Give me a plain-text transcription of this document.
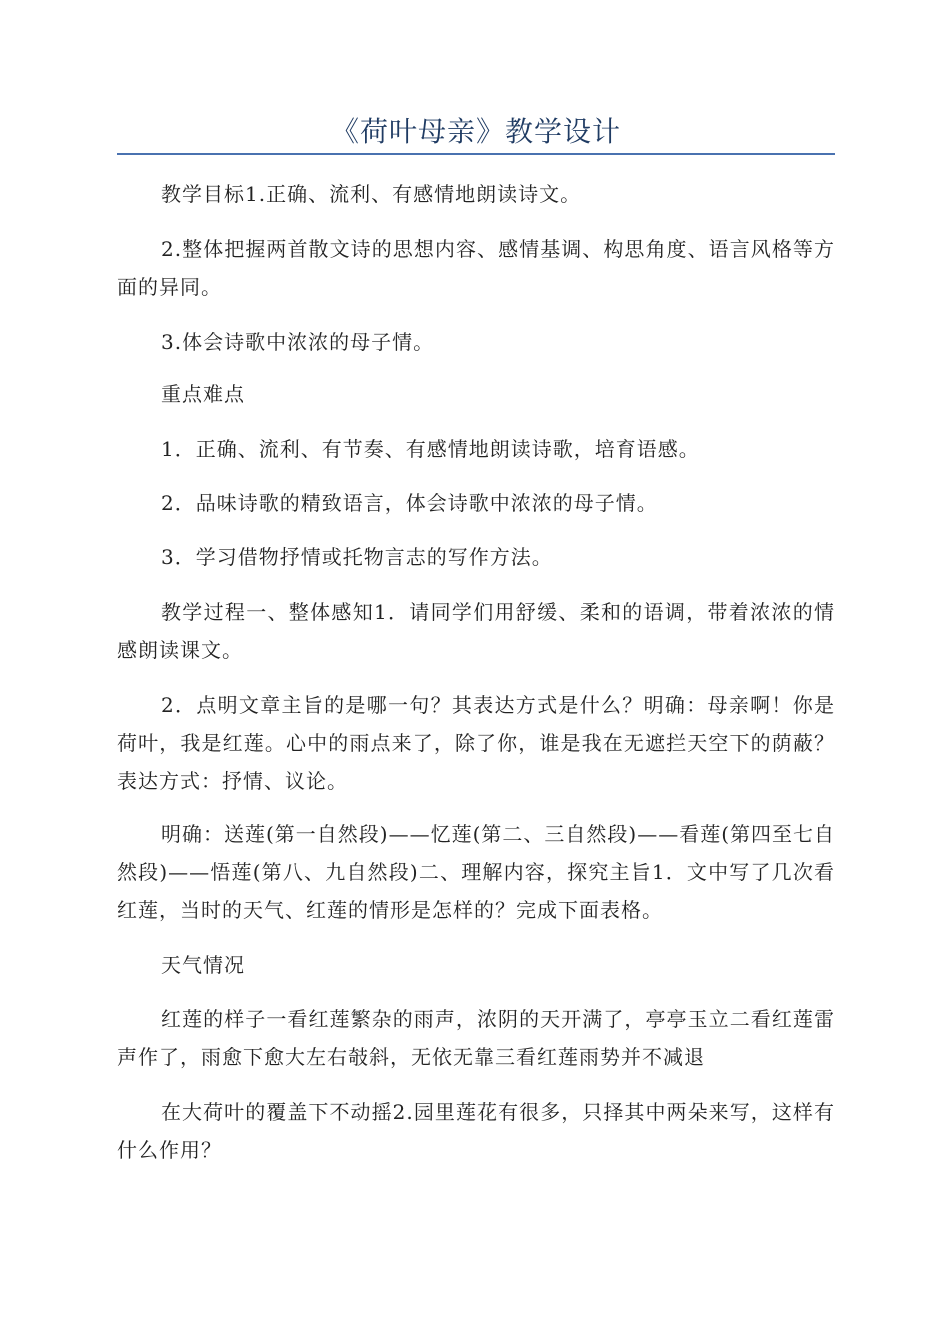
《荷叶母亲》教学设计

教学目标1.正确、流利、有感情地朗读诗文。

2.整体把握两首散文诗的思想内容、感情基调、构思角度、语言风格等方面的异同。

3.体会诗歌中浓浓的母子情。

重点难点

1．正确、流利、有节奏、有感情地朗读诗歌，培育语感。

2．品味诗歌的精致语言，体会诗歌中浓浓的母子情。

3．学习借物抒情或托物言志的写作方法。

教学过程一、整体感知1．请同学们用舒缓、柔和的语调，带着浓浓的情感朗读课文。

2．点明文章主旨的是哪一句？其表达方式是什么？明确：母亲啊！你是荷叶，我是红莲。心中的雨点来了，除了你，谁是我在无遮拦天空下的荫蔽？表达方式：抒情、议论。

明确：送莲(第一自然段)——忆莲(第二、三自然段)——看莲(第四至七自然段)——悟莲(第八、九自然段)二、理解内容，探究主旨1．文中写了几次看红莲，当时的天气、红莲的情形是怎样的？完成下面表格。

天气情况

红莲的样子一看红莲繁杂的雨声，浓阴的天开满了，亭亭玉立二看红莲雷声作了，雨愈下愈大左右攲斜，无依无靠三看红莲雨势并不减退

在大荷叶的覆盖下不动摇2.园里莲花有很多，只择其中两朵来写，这样有什么作用？
